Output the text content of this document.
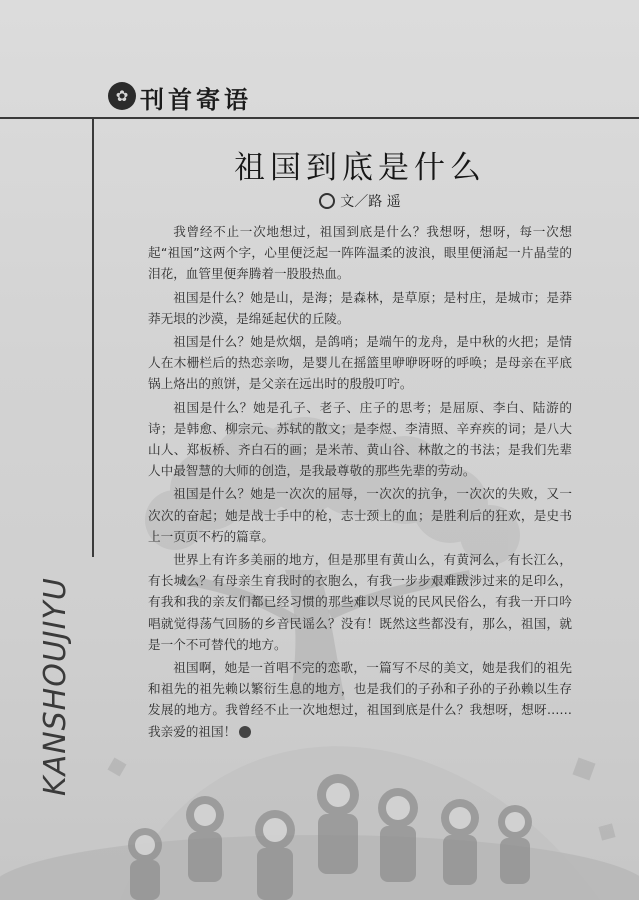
✿ 刊首寄语
祖国到底是什么
文／路 遥

我曾经不止一次地想过，祖国到底是什么？我想呀，想呀，每一次想起“祖国”这两个字，心里便泛起一阵阵温柔的波浪，眼里便涌起一片晶莹的泪花，血管里便奔腾着一股股热血。

祖国是什么？她是山，是海；是森林，是草原；是村庄，是城市；是莽莽无垠的沙漠，是绵延起伏的丘陵。

祖国是什么？她是炊烟，是鸽哨；是端午的龙舟，是中秋的火把；是情人在木栅栏后的热恋亲吻，是婴儿在摇篮里咿咿呀呀的呼唤；是母亲在平底锅上烙出的煎饼，是父亲在远出时的殷殷叮咛。

祖国是什么？她是孔子、老子、庄子的思考；是屈原、李白、陆游的诗；是韩愈、柳宗元、苏轼的散文；是李煜、李清照、辛弃疾的词；是八大山人、郑板桥、齐白石的画；是米芾、黄山谷、林散之的书法；是我们先辈人中最智慧的大师的创造，是我最尊敬的那些先辈的劳动。

祖国是什么？她是一次次的屈辱，一次次的抗争，一次次的失败，又一次次的奋起；她是战士手中的枪，志士颈上的血；是胜利后的狂欢，是史书上一页页不朽的篇章。

世界上有许多美丽的地方，但是那里有黄山么，有黄河么，有长江么，有长城么？有母亲生育我时的衣胞么，有我一步步艰难跋涉过来的足印么，有我和我的亲友们都已经习惯的那些难以尽说的民风民俗么，有我一开口吟唱就觉得荡气回肠的乡音民谣么？没有！既然这些都没有，那么，祖国，就是一个不可替代的地方。

祖国啊，她是一首唱不完的恋歌，一篇写不尽的美文，她是我们的祖先和祖先的祖先赖以繁衍生息的地方，也是我们的子孙和子孙的子孙赖以生存发展的地方。我曾经不止一次地想过，祖国到底是什么？我想呀，想呀……我亲爱的祖国！

KANSHOUJIYU
